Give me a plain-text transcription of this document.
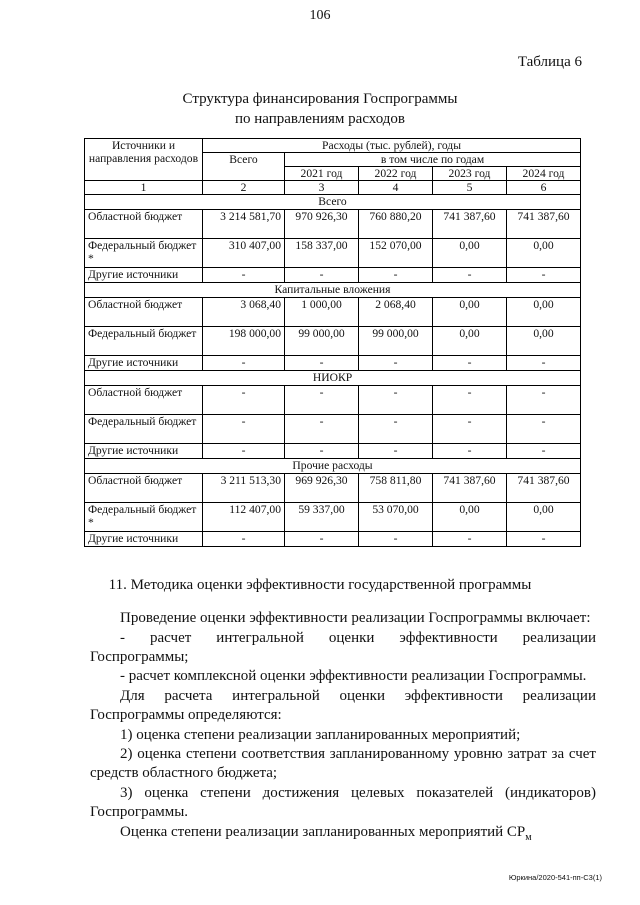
106
Таблица 6
Структура финансирования Госпрограммы
по направлениям расходов
Источники и направления расходов	Расходы (тыс. рублей), годы				
	Всего	в том числе по годам			
		2021 год	2022 год	2023 год	2024 год
1	2	3	4	5	6
Всего					
Областной бюджет	3 214 581,70	970 926,30	760 880,20	741 387,60	741 387,60
Федеральный бюджет *	310 407,00	158 337,00	152 070,00	0,00	0,00
Другие источники	-	-	-	-	-
Капитальные вложения					
Областной бюджет	3 068,40	1 000,00	2 068,40	0,00	0,00
Федеральный бюджет	198 000,00	99 000,00	99 000,00	0,00	0,00
Другие источники	-	-	-	-	-
НИОКР					
Областной бюджет	-	-	-	-	-
Федеральный бюджет	-	-	-	-	-
Другие источники	-	-	-	-	-
Прочие расходы					
Областной бюджет	3 211 513,30	969 926,30	758 811,80	741 387,60	741 387,60
Федеральный бюджет *	112 407,00	59 337,00	53 070,00	0,00	0,00
Другие источники	-	-	-	-	-
11. Методика оценки эффективности государственной программы
Проведение оценки эффективности реализации Госпрограммы включает:
- расчет интегральной оценки эффективности реализации
Госпрограммы;
- расчет комплексной оценки эффективности реализации Госпрограммы.
Для расчета интегральной оценки эффективности реализации
Госпрограммы определяются:
1) оценка степени реализации запланированных мероприятий;
2) оценка степени соответствия запланированному уровню затрат за счет
средств областного бюджета;
3) оценка степени достижения целевых показателей (индикаторов)
Госпрограммы.
Оценка степени реализации запланированных мероприятий $СР_м$
Юркина/2020-541-пп-С3(1)
